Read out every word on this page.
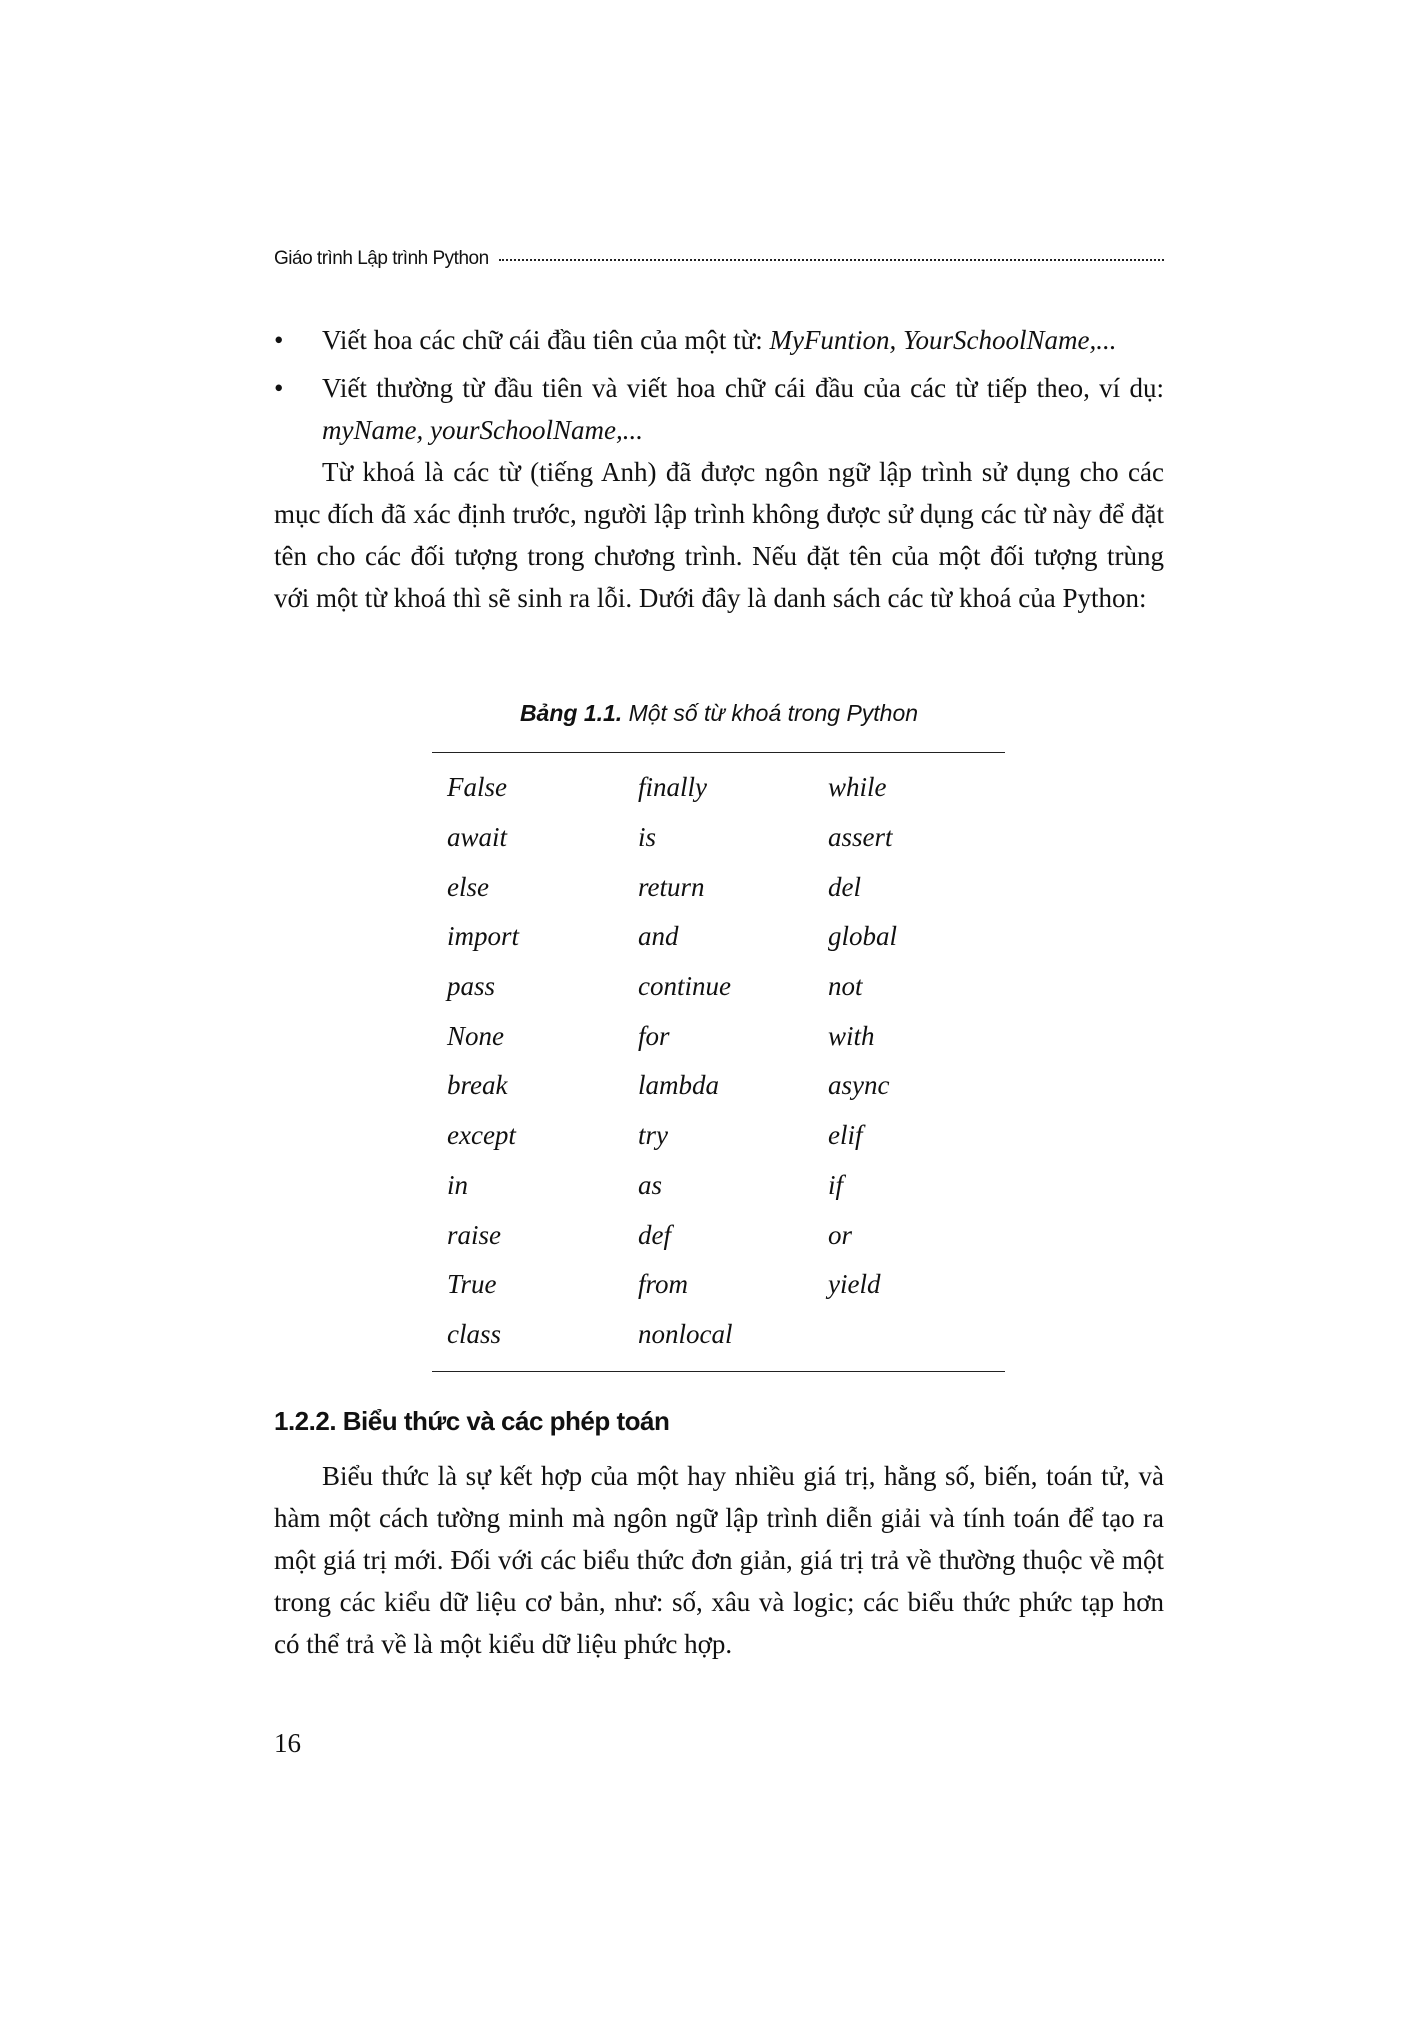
Giáo trình Lập trình Python
• Viết hoa các chữ cái đầu tiên của một từ: MyFuntion, YourSchoolName,...
• Viết thường từ đầu tiên và viết hoa chữ cái đầu của các từ tiếp theo, ví dụ: myName, yourSchoolName,...
Từ khoá là các từ (tiếng Anh) đã được ngôn ngữ lập trình sử dụng cho các mục đích đã xác định trước, người lập trình không được sử dụng các từ này để đặt tên cho các đối tượng trong chương trình. Nếu đặt tên của một đối tượng trùng với một từ khoá thì sẽ sinh ra lỗi. Dưới đây là danh sách các từ khoá của Python:
Bảng 1.1. Một số từ khoá trong Python
False	finally	while
await	is	assert
else	return	del
import	and	global
pass	continue	not
None	for	with
break	lambda	async
except	try	elif
in	as	if
raise	def	or
True	from	yield
class	nonlocal
1.2.2. Biểu thức và các phép toán
Biểu thức là sự kết hợp của một hay nhiều giá trị, hằng số, biến, toán tử, và hàm một cách tường minh mà ngôn ngữ lập trình diễn giải và tính toán để tạo ra một giá trị mới. Đối với các biểu thức đơn giản, giá trị trả về thường thuộc về một trong các kiểu dữ liệu cơ bản, như: số, xâu và logic; các biểu thức phức tạp hơn có thể trả về là một kiểu dữ liệu phức hợp.
16
